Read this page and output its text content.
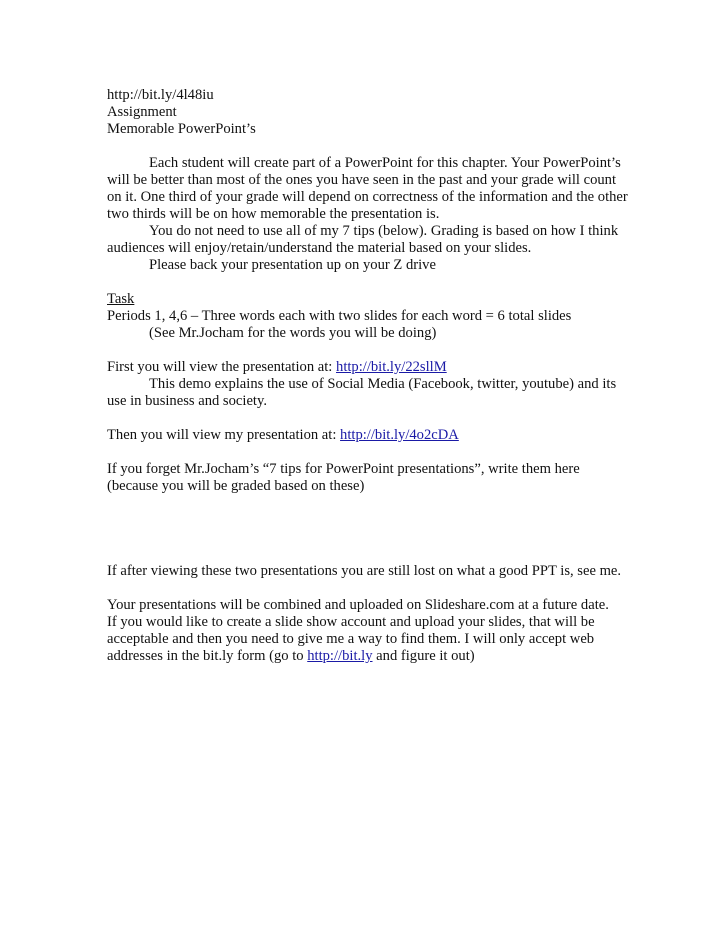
http://bit.ly/4l48iu
Assignment
Memorable PowerPoint’s
Each student will create part of a PowerPoint for this chapter. Your PowerPoint’s
will be better than most of the ones you have seen in the past and your grade will count
on it. One third of your grade will depend on correctness of the information and the other
two thirds will be on how memorable the presentation is.
You do not need to use all of my 7 tips (below). Grading is based on how I think
audiences will enjoy/retain/understand the material based on your slides.
Please back your presentation up on your Z drive
Task
Periods 1, 4,6 – Three words each with two slides for each word = 6 total slides
(See Mr.Jocham for the words you will be doing)
First you will view the presentation at: http://bit.ly/22sllM
This demo explains the use of Social Media (Facebook, twitter, youtube) and its
use in business and society.
Then you will view my presentation at: http://bit.ly/4o2cDA
If you forget Mr.Jocham’s “7 tips for PowerPoint presentations”, write them here
(because you will be graded based on these)
If after viewing these two presentations you are still lost on what a good PPT is, see me.
Your presentations will be combined and uploaded on Slideshare.com at a future date.
If you would like to create a slide show account and upload your slides, that will be
acceptable and then you need to give me a way to find them. I will only accept web
addresses in the bit.ly form (go to http://bit.ly and figure it out)
